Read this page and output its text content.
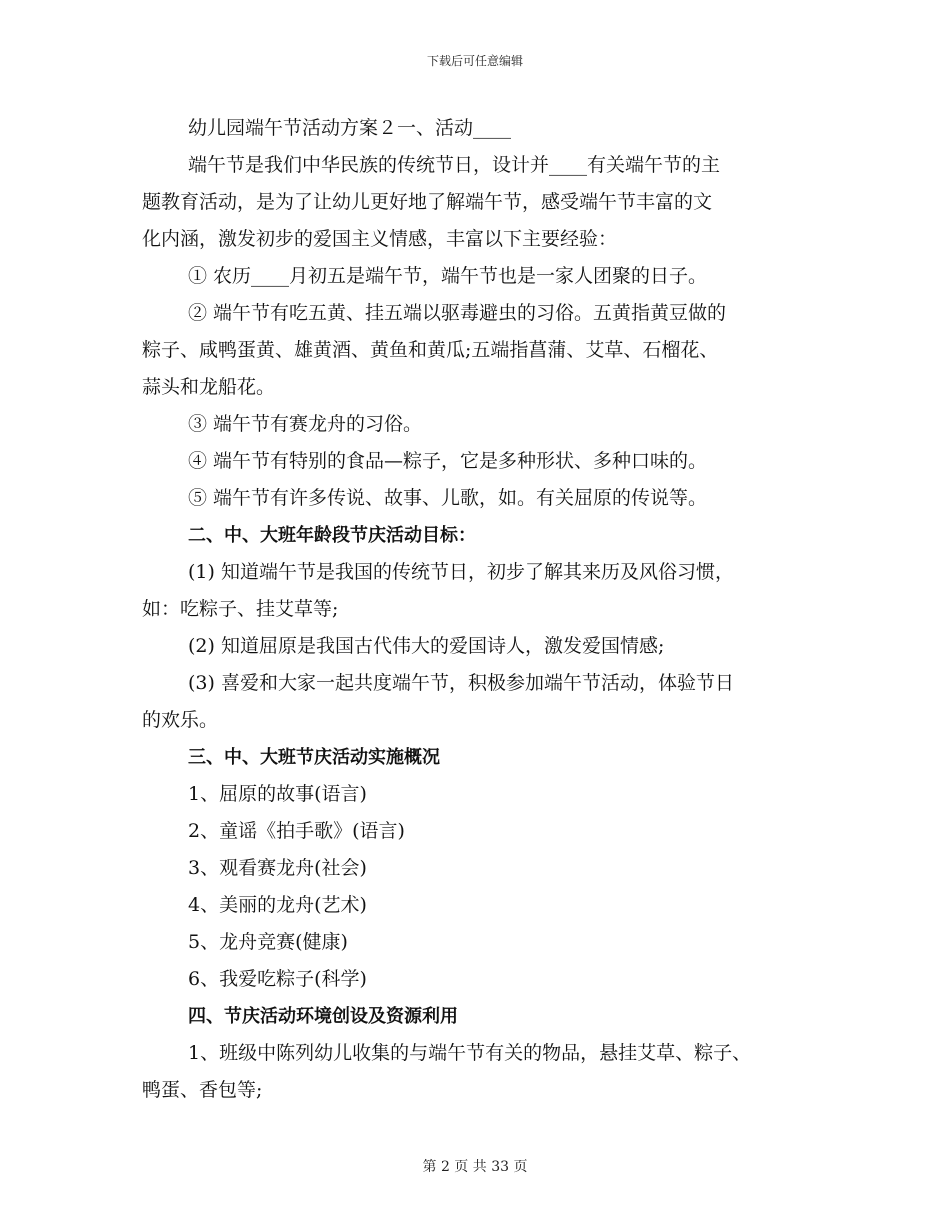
下载后可任意编辑
幼儿园端午节活动方案２一、活动____
端午节是我们中华民族的传统节日，设计并____有关端午节的主
题教育活动，是为了让幼儿更好地了解端午节，感受端午节丰富的文
化内涵，激发初步的爱国主义情感，丰富以下主要经验：
① 农历____月初五是端午节，端午节也是一家人团聚的日子。
② 端午节有吃五黄、挂五端以驱毒避虫的习俗。五黄指黄豆做的
粽子、咸鸭蛋黄、雄黄酒、黄鱼和黄瓜;五端指菖蒲、艾草、石榴花、
蒜头和龙船花。
③ 端午节有赛龙舟的习俗。
④ 端午节有特别的食品—粽子，它是多种形状、多种口味的。
⑤ 端午节有许多传说、故事、儿歌，如。有关屈原的传说等。
二、中、大班年龄段节庆活动目标：
(1) 知道端午节是我国的传统节日，初步了解其来历及风俗习惯，
如：吃粽子、挂艾草等;
(2) 知道屈原是我国古代伟大的爱国诗人，激发爱国情感;
(3) 喜爱和大家一起共度端午节，积极参加端午节活动，体验节日
的欢乐。
三、中、大班节庆活动实施概况
1、屈原的故事(语言)
2、童谣《拍手歌》(语言)
3、观看赛龙舟(社会)
4、美丽的龙舟(艺术)
5、龙舟竞赛(健康)
6、我爱吃粽子(科学)
四、节庆活动环境创设及资源利用
1、班级中陈列幼儿收集的与端午节有关的物品，悬挂艾草、粽子、
鸭蛋、香包等;
第 2 页 共 33 页
